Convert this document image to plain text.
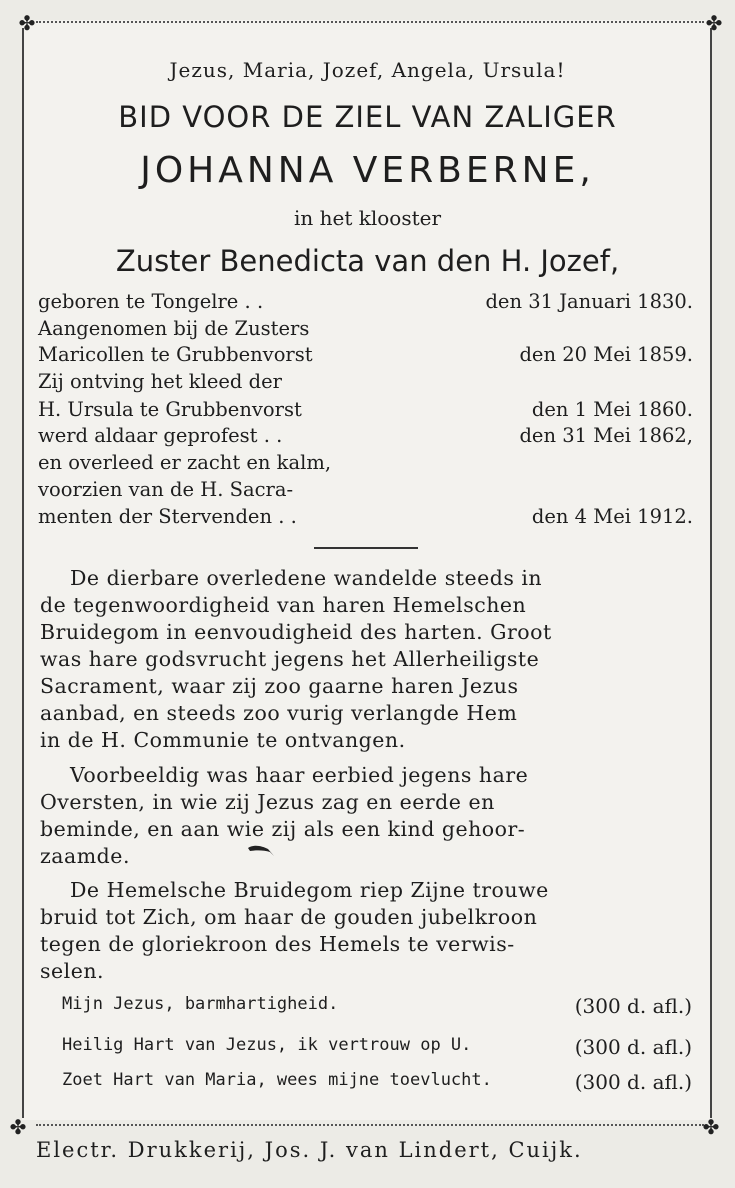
✤	✤
✤	✤
Jezus, Maria, Jozef, Angela, Ursula!
BID VOOR DE ZIEL VAN ZALIGER
JOHANNA VERBERNE,
in het klooster
Zuster Benedicta van den H. Jozef,
geboren te Tongelre . .	den 31 Januari 1830.
Aangenomen bij de Zusters
Maricollen te Grubbenvorst	den 20 Mei 1859.
Zij ontving het kleed der
H. Ursula te Grubbenvorst	den 1 Mei 1860.
werd aldaar geprofest . .	den 31 Mei 1862,
en overleed er zacht en kalm,
voorzien van de H. Sacra-
menten der Stervenden . .	den 4 Mei 1912.
De dierbare overledene wandelde steeds in
de tegenwoordigheid van haren Hemelschen
Bruidegom in eenvoudigheid des harten. Groot
was hare godsvrucht jegens het Allerheiligste
Sacrament, waar zij zoo gaarne haren Jezus
aanbad, en steeds zoo vurig verlangde Hem
in de H. Communie te ontvangen.
Voorbeeldig was haar eerbied jegens hare
Oversten, in wie zij Jezus zag en eerde en
beminde, en aan wie zij als een kind gehoor-
zaamde.
De Hemelsche Bruidegom riep Zijne trouwe
bruid tot Zich, om haar de gouden jubelkroon
tegen de gloriekroon des Hemels te verwis-
selen.
Mijn Jezus, barmhartigheid.	(300 d. afl.)
Heilig Hart van Jezus, ik vertrouw op U.	(300 d. afl.)
Zoet Hart van Maria, wees mijne toevlucht.	(300 d. afl.)
Electr. Drukkerij, Jos. J. van Lindert, Cuijk.
